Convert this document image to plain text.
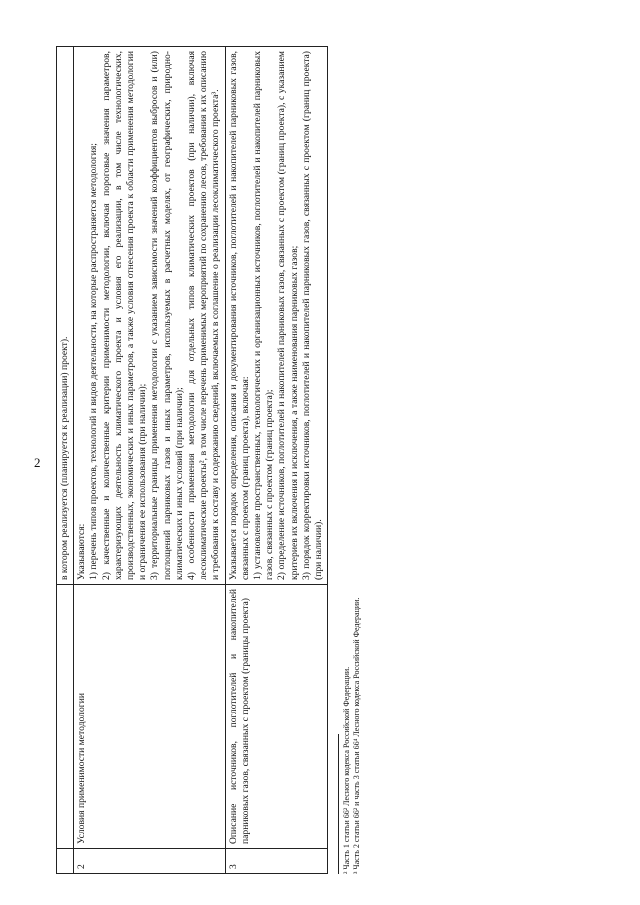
2
		в котором реализуется (планируется к реализации) проект).
2	Условия применимости методологии	Указываются: 1) перечень типов проектов, технологий и видов деятельности, на которые распространяется методология; 2) качественные и количественные критерии применимости методологии, включая пороговые значения параметров, характеризующих деятельность климатического проекта и условия его реализации, в том числе технологических, производственных, экономических и иных параметров, а также условия отнесения проекта к области применения методологии и ограничения ее использования (при наличии); 3) территориальные границы применения методологии с указанием зависимости значений коэффициентов выбросов и (или) поглощений парниковых газов и иных параметров, используемых в расчетных моделях, от географических, природно-климатических и иных условий (при наличии); 4) особенности применения методологии для отдельных типов климатических проектов (при наличии), включая лесоклиматические проекты², в том числе перечень применимых мероприятий по сохранению лесов, требования к их описанию и требования к составу и содержанию сведений, включаемых в соглашение о реализации лесоклиматического проекта³.

3	Описание источников, поглотителей и накопителей парниковых газов, связанных с проектом (границы проекта)	Указывается порядок определения, описания и документирования источников, поглотителей и накопителей парниковых газов, связанных с проектом (границ проекта), включая: 1) установление пространственных, технологических и организационных источников, поглотителей и накопителей парниковых газов, связанных с проектом (границ проекта); 2) определение источников, поглотителей и накопителей парниковых газов, связанных с проектом (границ проекта), с указанием критериев их включения и исключения, а также наименования парниковых газов; 3) порядок корректировки источников, поглотителей и накопителей парниковых газов, связанных с проектом (границ проекта) (при наличии).

² Часть 1 статьи 66² Лесного кодекса Российской Федерации. ³ Часть 2 статьи 66² и часть 3 статьи 66⁴ Лесного кодекса Российской Федерации.
